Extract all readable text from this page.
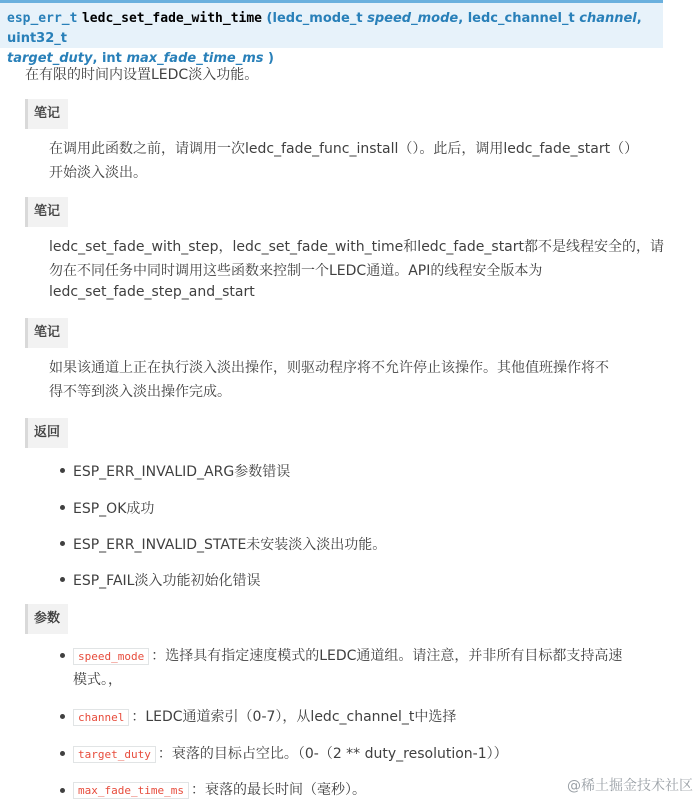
esp_err_t ledc_set_fade_with_time (ledc_mode_t speed_mode, ledc_channel_t channel, uint32_t
target_duty, int max_fade_time_ms )
在有限的时间内设置LEDC淡入功能。
笔记
在调用此函数之前，请调用一次ledc_fade_func_install（）。此后，调用ledc_fade_start（）
开始淡入淡出。
笔记
ledc_set_fade_with_step，ledc_set_fade_with_time和ledc_fade_start都不是线程安全的，请
勿在不同任务中同时调用这些函数来控制一个LEDC通道。API的线程安全版本为
ledc_set_fade_step_and_start
笔记
如果该通道上正在执行淡入淡出操作，则驱动程序将不允许停止该操作。其他值班操作将不
得不等到淡入淡出操作完成。
返回
ESP_ERR_INVALID_ARG参数错误
ESP_OK成功
ESP_ERR_INVALID_STATE未安装淡入淡出功能。
ESP_FAIL淡入功能初始化错误
参数
speed_mode ：选择具有指定速度模式的LEDC通道组。请注意，并非所有目标都支持高速
模式。，
channel ：LEDC通道索引（0-7），从ledc_channel_t中选择
target_duty ：衰落的目标占空比。（0-（2 ** duty_resolution-1））
max_fade_time_ms ：衰落的最长时间（毫秒）。	@稀土掘金技术社区
